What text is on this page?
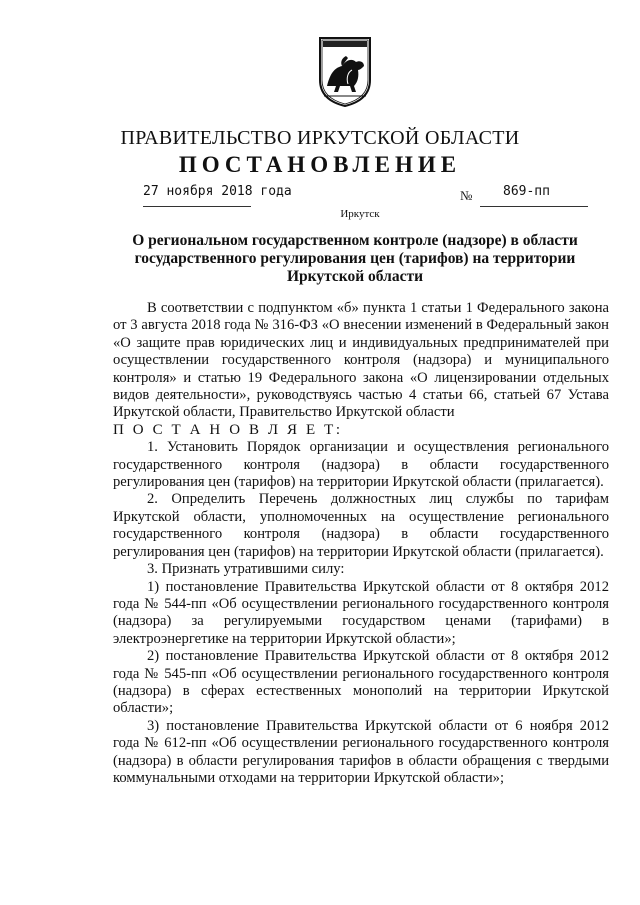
ПРАВИТЕЛЬСТВО ИРКУТСКОЙ ОБЛАСТИ
ПОСТАНОВЛЕНИЕ
27 ноября 2018 года	№ 869-пп
Иркутск
О региональном государственном контроле (надзоре) в области
государственного регулирования цен (тарифов) на территории
Иркутской области

В соответствии с подпунктом «б» пункта 1 статьи 1 Федерального закона от 3 августа 2018 года № 316-ФЗ «О внесении изменений в Федеральный закон «О защите прав юридических лиц и индивидуальных предпринимателей при осуществлении государственного контроля (надзора) и муниципального контроля» и статью 19 Федерального закона «О лицензировании отдельных видов деятельности», руководствуясь частью 4 статьи 66, статьей 67 Устава Иркутской области, Правительство Иркутской области

П О С Т А Н О В Л Я Е Т:

1. Установить Порядок организации и осуществления регионального государственного контроля (надзора) в области государственного регулирования цен (тарифов) на территории Иркутской области (прилагается).

2. Определить Перечень должностных лиц службы по тарифам Иркутской области, уполномоченных на осуществление регионального государственного контроля (надзора) в области государственного регулирования цен (тарифов) на территории Иркутской области (прилагается).

3. Признать утратившими силу:

1) постановление Правительства Иркутской области от 8 октября 2012 года № 544-пп «Об осуществлении регионального государственного контроля (надзора) за регулируемыми государством ценами (тарифами) в электроэнергетике на территории Иркутской области»;

2) постановление Правительства Иркутской области от 8 октября 2012 года № 545-пп «Об осуществлении регионального государственного контроля (надзора) в сферах естественных монополий на территории Иркутской области»;

3) постановление Правительства Иркутской области от 6 ноября 2012 года № 612-пп «Об осуществлении регионального государственного контроля (надзора) в области регулирования тарифов в области обращения с твердыми коммунальными отходами на территории Иркутской области»;
